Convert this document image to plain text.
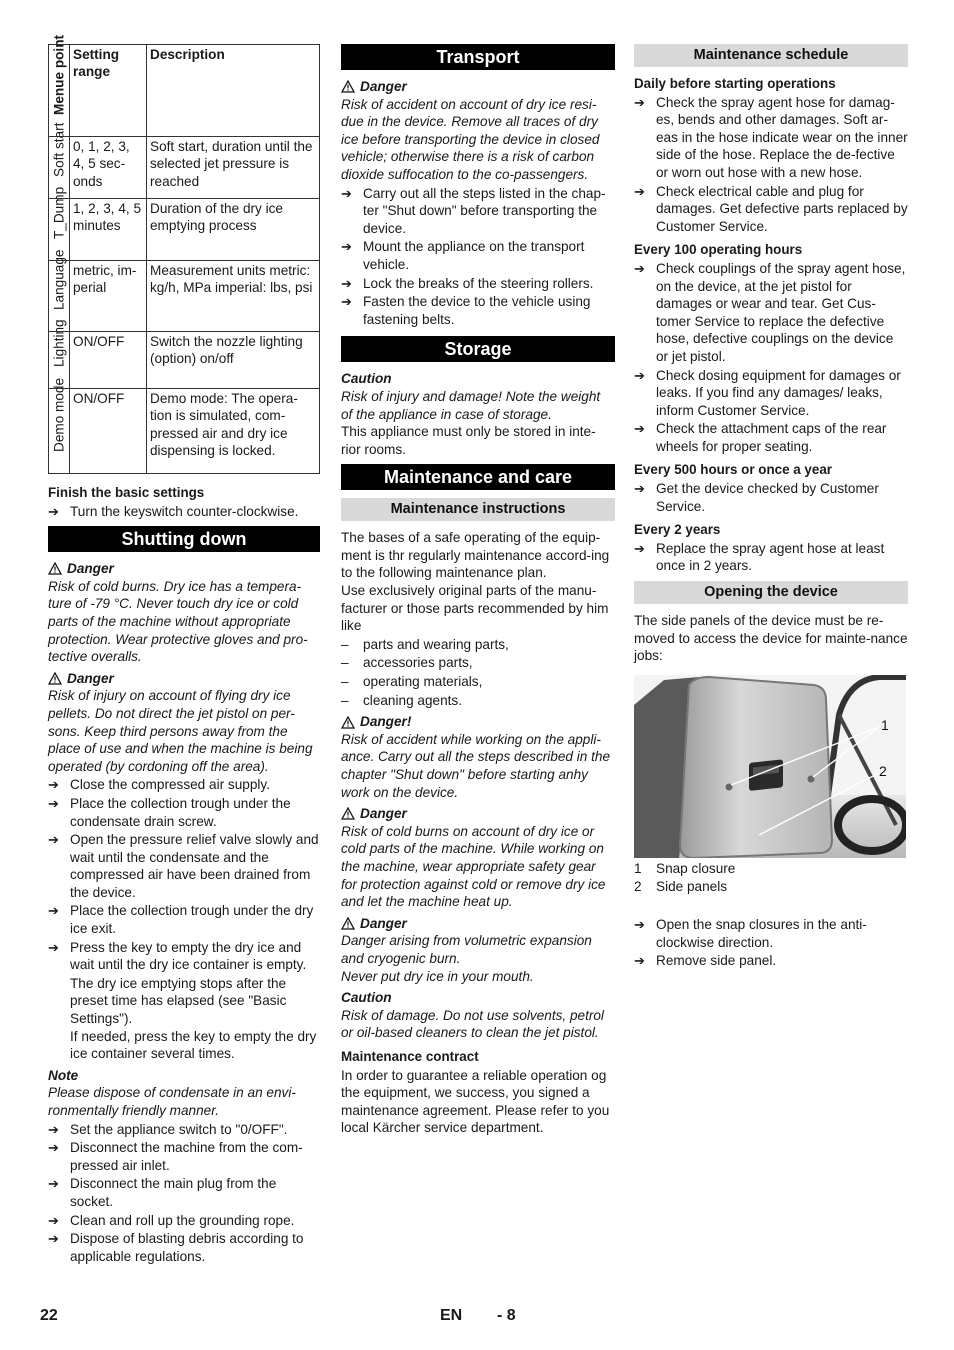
Menue point	Setting range	Description

Soft start	0, 1, 2, 3, 4, 5 sec-onds	Soft start, duration until the selected jet pressure is reached

T_Dump	1, 2, 3, 4, 5 minutes	Duration of the dry ice emptying process

Language	metric, im-perial	Measurement units metric: kg/h, MPa imperial: lbs, psi

Lighting	ON/OFF	Switch the nozzle lighting (option) on/off

Demo mode	ON/OFF	Demo mode: The opera-tion is simulated, com-pressed air and dry ice dispensing is locked.
Finish the basic settings
➔ Turn the keyswitch counter-clockwise.
Shutting down
Danger

Risk of cold burns. Dry ice has a tempera-ture of -79 °C. Never touch dry ice or cold parts of the machine without appropriate protection. Wear protective gloves and pro-tective overalls.

Danger

Risk of injury on account of flying dry ice pellets. Do not direct the jet pistol on per-sons. Keep third persons away from the place of use and when the machine is being operated (by cordoning off the area).

➔ Close the compressed air supply.
➔ Place the collection trough under the condensate drain screw.
➔ Open the pressure relief valve slowly and wait until the condensate and the compressed air have been drained from the device.
➔ Place the collection trough under the dry ice exit.
➔ Press the key to empty the dry ice and wait until the dry ice container is empty.

The dry ice emptying stops after the preset time has elapsed (see "Basic Settings").

If needed, press the key to empty the dry ice container several times.

Note

Please dispose of condensate in an envi-ronmentally friendly manner.

➔ Set the appliance switch to "0/OFF".
➔ Disconnect the machine from the com-pressed air inlet.
➔ Disconnect the main plug from the socket.
➔ Clean and roll up the grounding rope.
➔ Dispose of blasting debris according to applicable regulations.
Transport
Danger

Risk of accident on account of dry ice resi-due in the device. Remove all traces of dry ice before transporting the device in closed vehicle; otherwise there is a risk of carbon dioxide suffocation to the co-passengers.

➔ Carry out all the steps listed in the chap-ter "Shut down" before transporting the device.
➔ Mount the appliance on the transport vehicle.
➔ Lock the breaks of the steering rollers.
➔ Fasten the device to the vehicle using fastening belts.
Storage
Caution

Risk of injury and damage! Note the weight of the appliance in case of storage.

This appliance must only be stored in inte-rior rooms.

Maintenance and care
Maintenance instructions

The bases of a safe operating of the equip-ment is thr regularly maintenance accord-ing to the following maintenance plan.

Use exclusively original parts of the manu-facturer or those parts recommended by him like

–	parts and wearing parts,
–	accessories parts,
–	operating materials,
–	cleaning agents.
Danger!

Risk of accident while working on the appli-ance. Carry out all the steps described in the chapter "Shut down" before starting anhy work on the device.

Danger

Risk of cold burns on account of dry ice or cold parts of the machine. While working on the machine, wear appropriate safety gear for protection against cold or remove dry ice and let the machine heat up.

Danger

Danger arising from volumetric expansion and cryogenic burn.

Never put dry ice in your mouth.

Caution

Risk of damage. Do not use solvents, petrol or oil-based cleaners to clean the jet pistol.

Maintenance contract

In order to guarantee a reliable operation og the equipment, we success, you signed a maintenance agreement. Please refer to you local Kärcher service department.

Maintenance schedule
Daily before starting operations
➔ Check the spray agent hose for damag-es, bends and other damages. Soft ar-eas in the hose indicate wear on the inner side of the hose. Replace the de-fective or worn out hose with a new hose.
➔ Check electrical cable and plug for damages. Get defective parts replaced by Customer Service.
Every 100 operating hours
➔ Check couplings of the spray agent hose, on the device, at the jet pistol for damages or wear and tear. Get Cus-tomer Service to replace the defective hose, defective couplings on the device or jet pistol.
➔ Check dosing equipment for damages or leaks. If you find any damages/ leaks, inform Customer Service.
➔ Check the attachment caps of the rear wheels for proper seating.
Every 500 hours or once a year
➔ Get the device checked by Customer Service.
Every 2 years
➔ Replace the spray agent hose at least once in 2 years.
Opening the device

The side panels of the device must be re-moved to access the device for mainte-nance jobs:

1
2
1	Snap closure
2	Side panels
➔ Open the snap closures in the anti-clockwise direction.
➔ Remove side panel.
22	EN - 8
